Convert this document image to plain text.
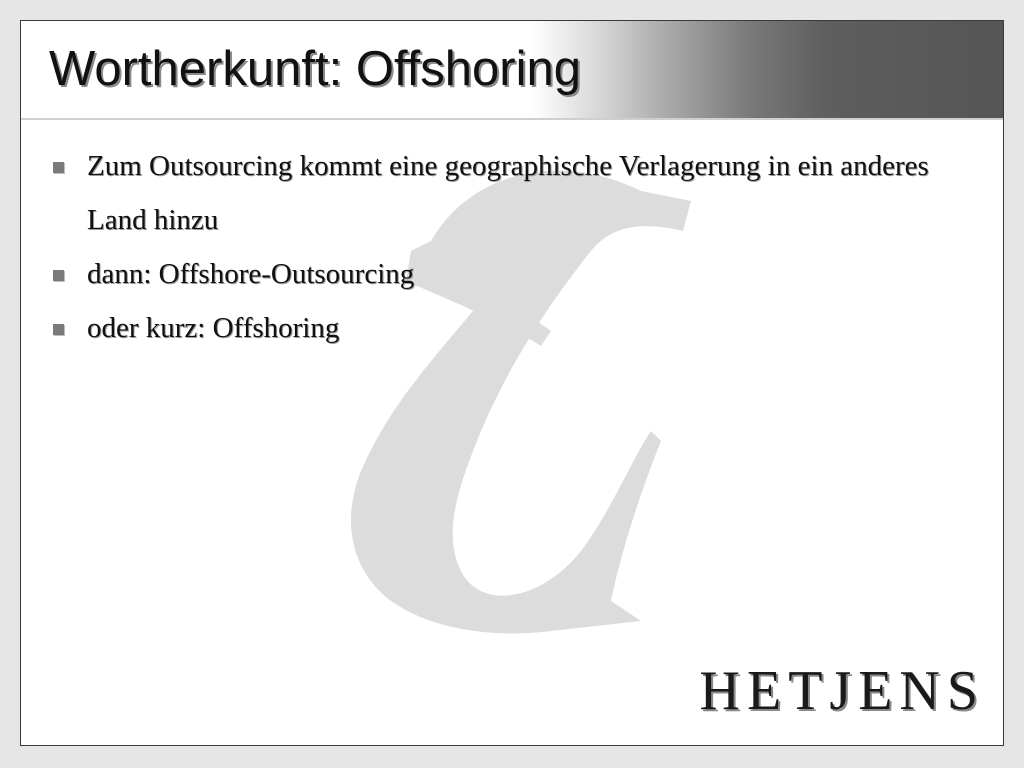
Wortherkunft: Offshoring
Zum Outsourcing kommt eine geographische Verlagerung in ein anderes Land hinzu
dann: Offshore-Outsourcing
oder kurz: Offshoring
HETJENS
